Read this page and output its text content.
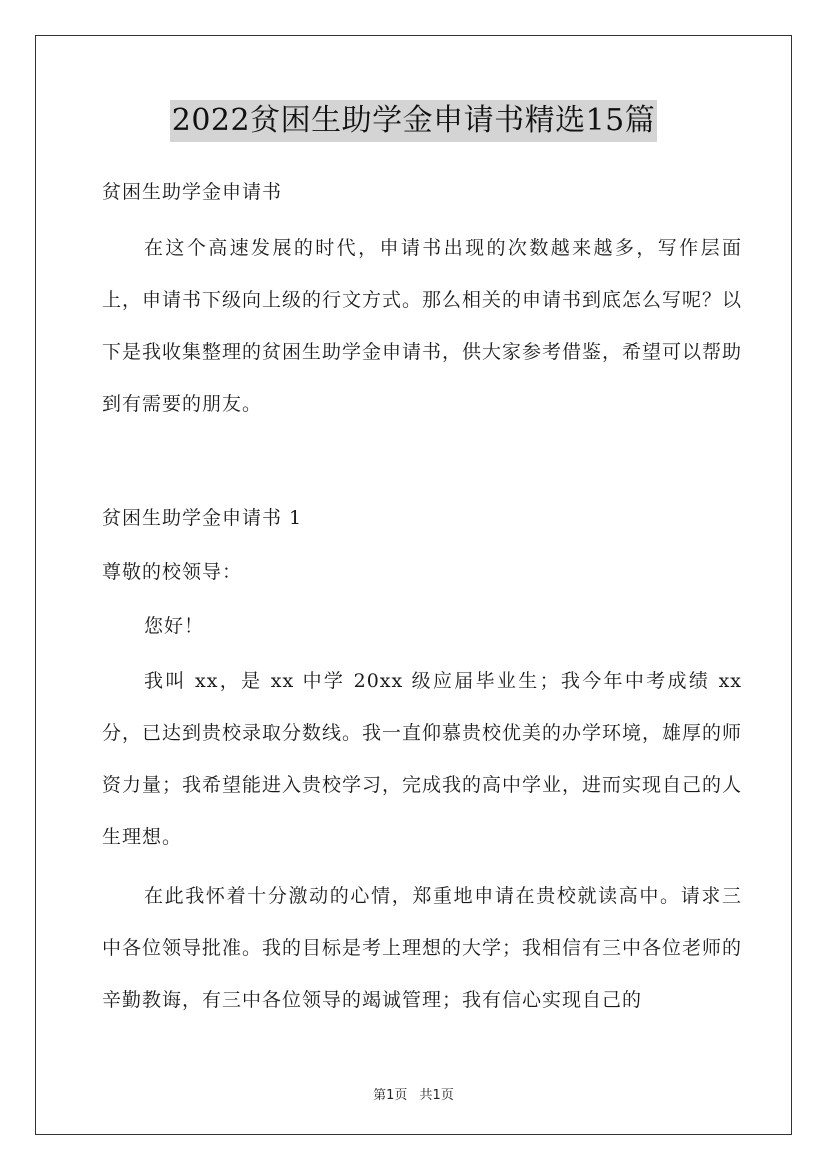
2022贫困生助学金申请书精选15篇

贫困生助学金申请书

在这个高速发展的时代，申请书出现的次数越来越多，写作层面上，申请书下级向上级的行文方式。那么相关的申请书到底怎么写呢？以下是我收集整理的贫困生助学金申请书，供大家参考借鉴，希望可以帮助到有需要的朋友。

贫困生助学金申请书 1

尊敬的校领导：

您好！

我叫 xx，是 xx 中学 20xx 级应届毕业生；我今年中考成绩 xx 分，已达到贵校录取分数线。我一直仰慕贵校优美的办学环境，雄厚的师资力量；我希望能进入贵校学习，完成我的高中学业，进而实现自己的人生理想。

在此我怀着十分激动的心情，郑重地申请在贵校就读高中。请求三中各位领导批准。我的目标是考上理想的大学；我相信有三中各位老师的辛勤教诲，有三中各位领导的竭诚管理；我有信心实现自己的

第1页 共1页
